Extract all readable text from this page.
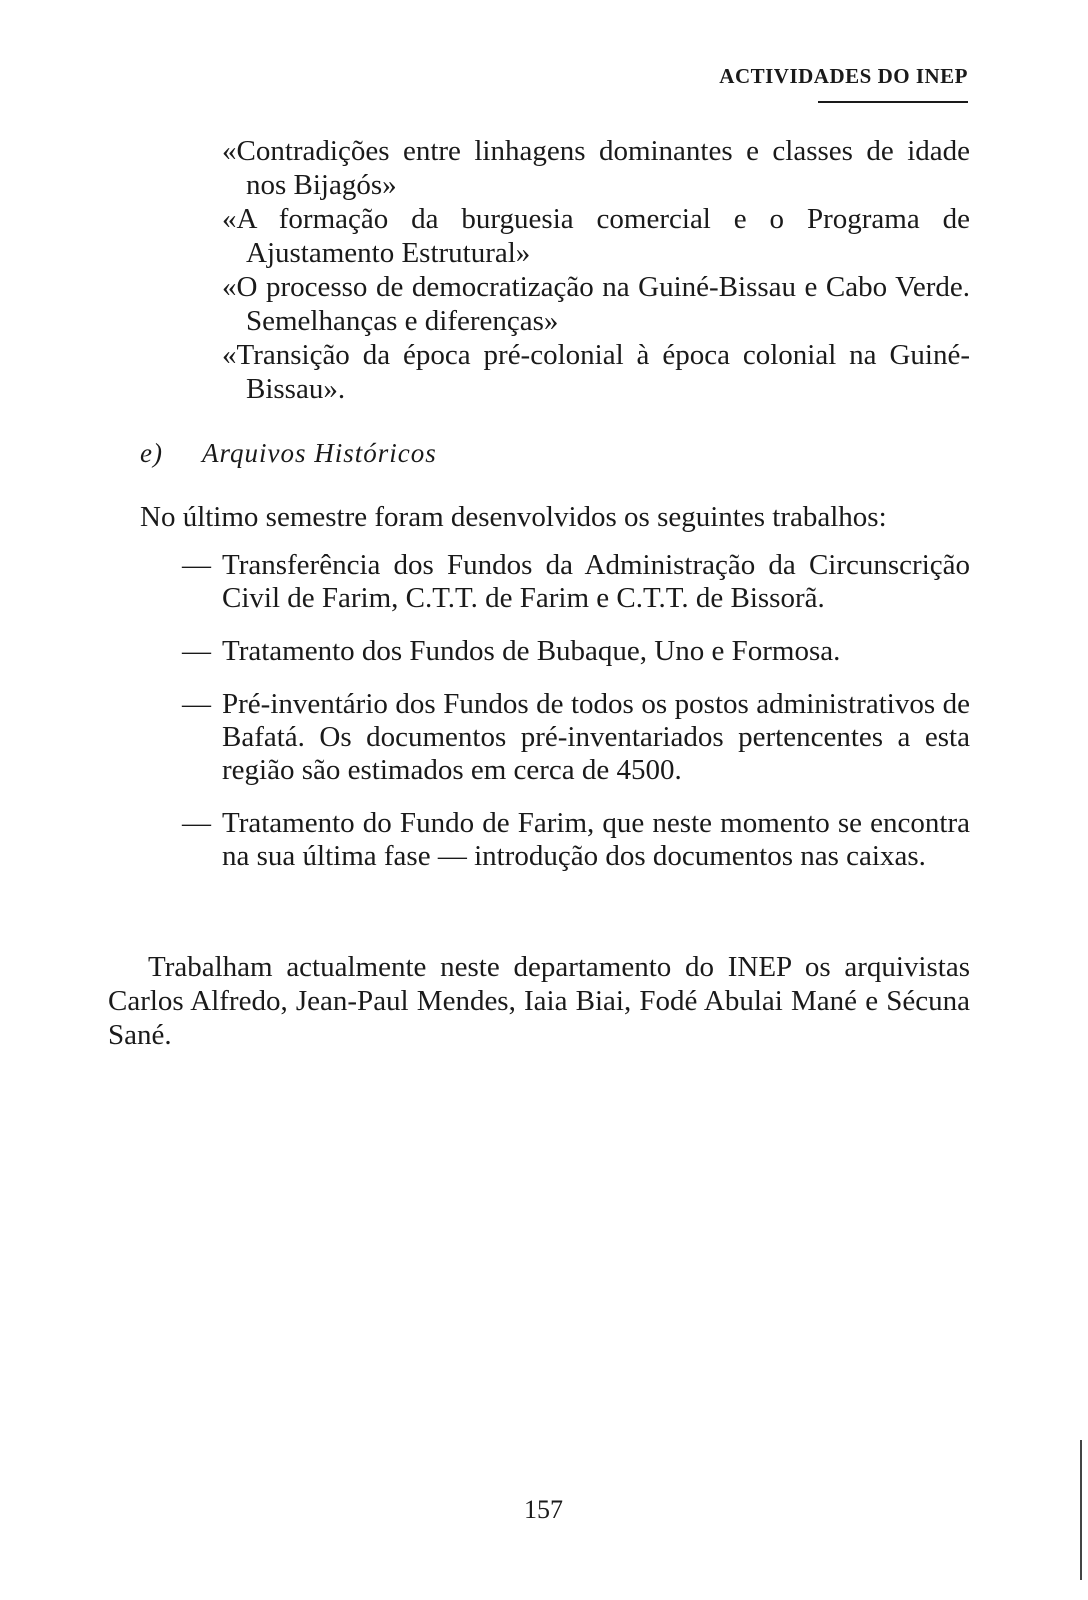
ACTIVIDADES DO INEP
«Contradições entre linhagens dominantes e classes de idade nos Bijagós»
«A formação da burguesia comercial e o Programa de Ajustamento Estrutural»
«O processo de democratização na Guiné-Bissau e Cabo Verde. Semelhanças e diferenças»
«Transição da época pré-colonial à época colonial na Guiné-Bissau».
e) Arquivos Históricos
No último semestre foram desenvolvidos os seguintes trabalhos:
— Transferência dos Fundos da Administração da Circunscrição Civil de Farim, C.T.T. de Farim e C.T.T. de Bissorã.
— Tratamento dos Fundos de Bubaque, Uno e Formosa.
— Pré-inventário dos Fundos de todos os postos administrativos de Bafatá. Os documentos pré-inventariados pertencentes a esta região são estimados em cerca de 4500.
— Tratamento do Fundo de Farim, que neste momento se encontra na sua última fase — introdução dos documentos nas caixas.
Trabalham actualmente neste departamento do INEP os arquivistas Carlos Alfredo, Jean-Paul Mendes, Iaia Biai, Fodé Abulai Mané e Sécuna Sané.
157
